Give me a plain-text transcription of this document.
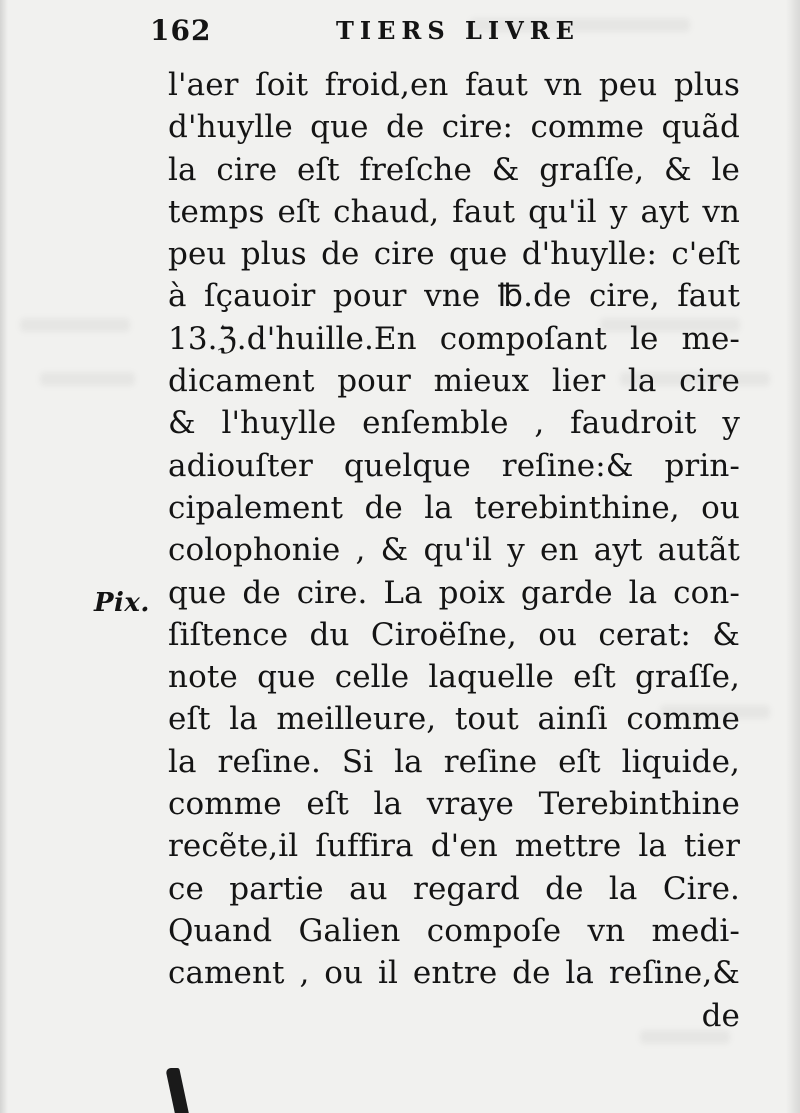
162	TIERS LIVRE
Pix.
l'aer ſoit froid,en faut vn peu plus
d'huylle que de cire: comme quãd
la cire eſt freſche & graſſe, & le
temps eſt chaud, faut qu'il y ayt vn
peu plus de cire que d'huylle: c'eſt
à ſçauoir pour vne ℔.de cire, faut
13.ℨ.d'huille.En compoſant le me-
dicament pour mieux lier la cire
& l'huylle enſemble , faudroit y
adiouſter quelque reſine:& prin-
cipalement de la terebinthine, ou
colophonie , & qu'il y en ayt autãt
que de cire. La poix garde la con-
ſiſtence du Ciroëſne, ou cerat: &
note que celle laquelle eſt graſſe,
eſt la meilleure, tout ainſi comme
la reſine. Si la reſine eſt liquide,
comme eſt la vraye Terebinthine
recẽte,il ſuffira d'en mettre la tier
ce partie au regard de la Cire.
Quand Galien compoſe vn medi-
cament , ou il entre de la reſine,&
de
